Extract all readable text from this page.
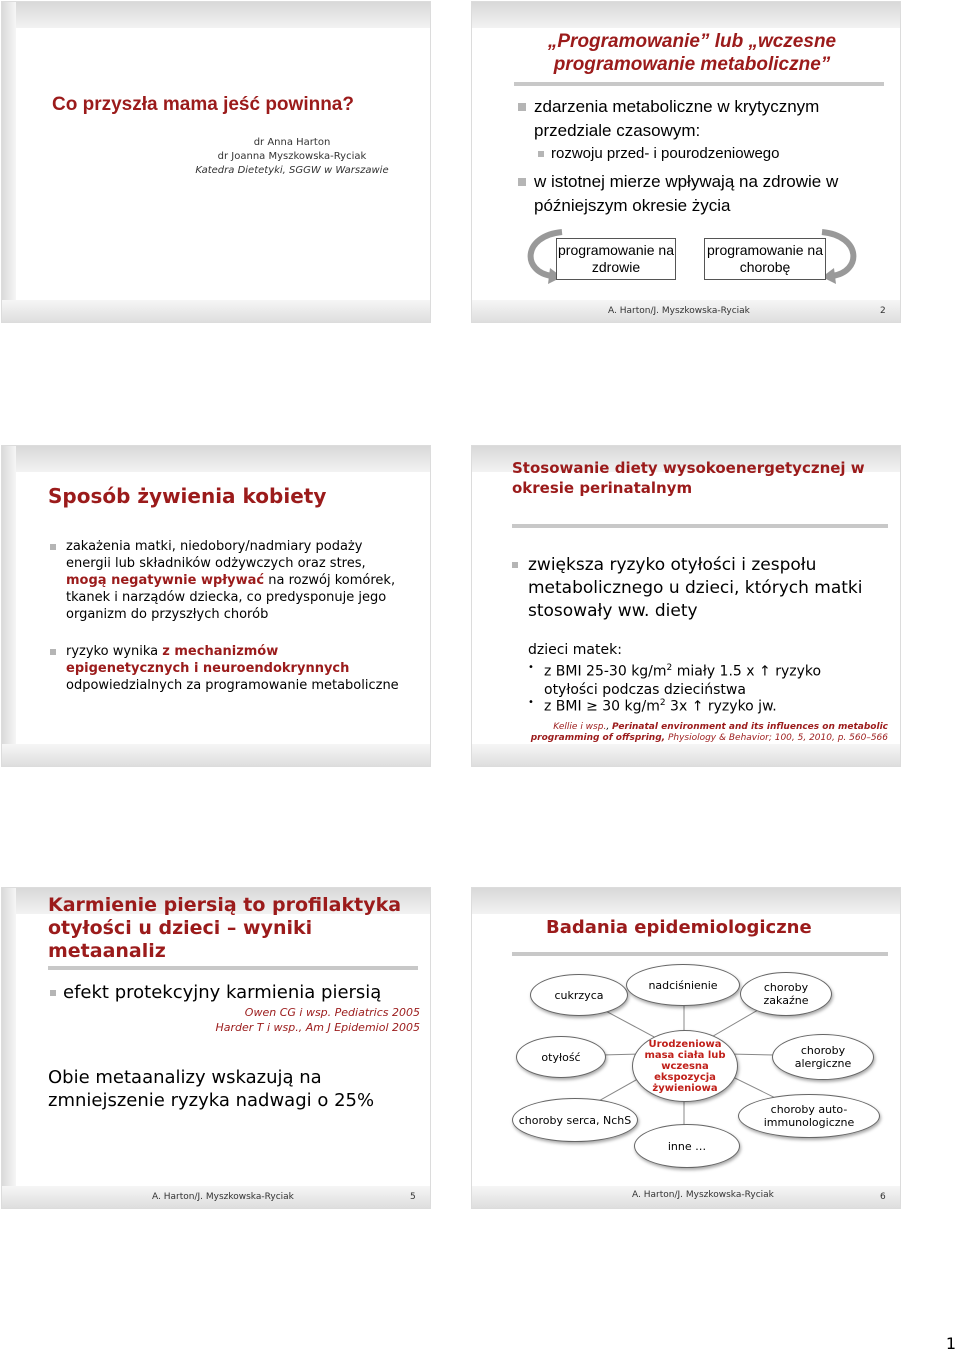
Co przyszła mama jeść powinna?
dr Anna Harton
dr Joanna Myszkowska-Ryciak
Katedra Dietetyki, SGGW w Warszawie
„Programowanie” lub „wczesne programowanie metaboliczne”
zdarzenia metaboliczne w krytycznym przedziale czasowym:
rozwoju przed- i pourodzeniowego
w istotnej mierze wpływają na zdrowie w późniejszym okresie życia
programowanie na zdrowie
programowanie na chorobę
A. Harton/J. Myszkowska-Ryciak	2
Sposób żywienia kobiety
zakażenia matki, niedobory/nadmiary podaży energii lub składników odżywczych oraz stres, mogą negatywnie wpływać na rozwój komórek, tkanek i narządów dziecka, co predysponuje jego organizm do przyszłych chorób
ryzyko wynika z mechanizmów epigenetycznych i neuroendokrynnych odpowiedzialnych za programowanie metaboliczne
Stosowanie diety wysokoenergetycznej w okresie perinatalnym
zwiększa ryzyko otyłości i zespołu metabolicznego u dzieci, których matki stosowały ww. diety
dzieci matek:
• z BMI 25-30 $kg/m^2$ miały 1.5 x ↑ ryzyko otyłości podczas dzieciństwa
• z BMI ≥ 30 $kg/m^2$ 3x ↑ ryzyko jw.
Kellie i wsp., Perinatal environment and its influences on metabolic programming of offspring, Physiology & Behavior; 100, 5, 2010, p. 560–566
Karmienie piersią to profilaktyka otyłości u dzieci – wyniki metaanaliz
efekt protekcyjny karmienia piersią
Owen CG i wsp. Pediatrics 2005
Harder T i wsp., Am J Epidemiol 2005
Obie metaanalizy wskazują na zmniejszenie ryzyka nadwagi o 25%
A. Harton/J. Myszkowska-Ryciak	5
Badania epidemiologiczne
cukrzyca
nadciśnienie	choroby zakaźne
otyłość
Urodzeniowa masa ciała lub wczesna ekspozycja żywieniowa
choroby alergiczne
choroby serca, NchS
choroby auto-immunologiczne
inne …
A. Harton/J. Myszkowska-Ryciak	6
1
